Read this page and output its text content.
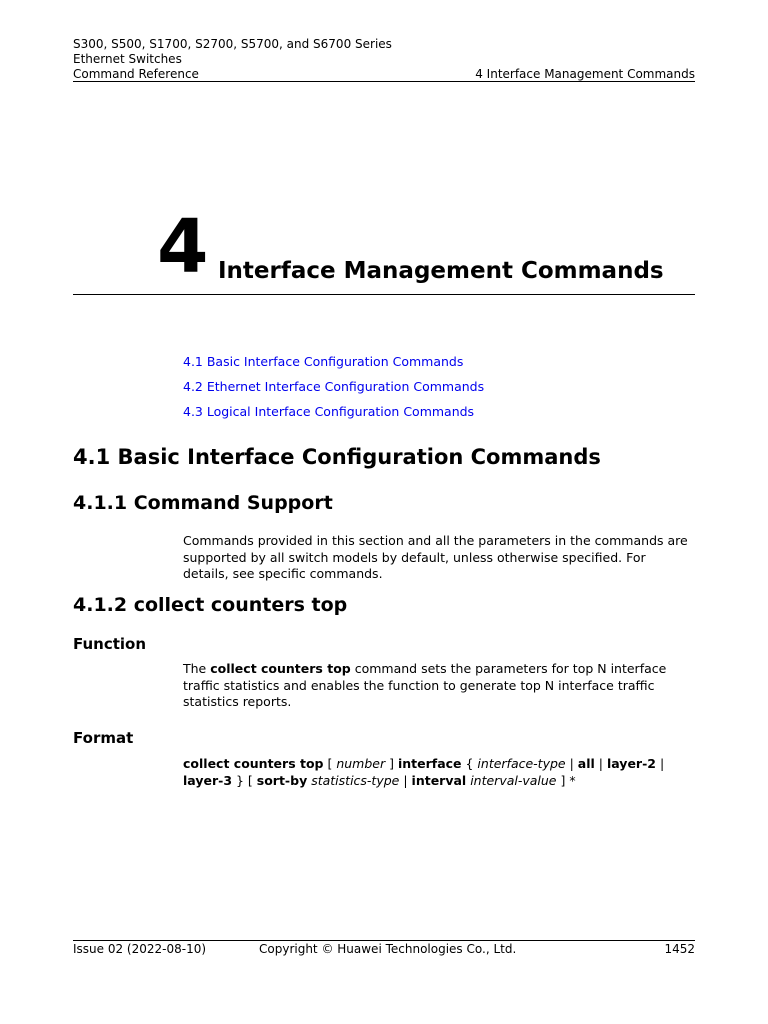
S300, S500, S1700, S2700, S5700, and S6700 Series
Ethernet Switches
Command Reference	4 Interface Management Commands
4 Interface Management Commands
4.1 Basic Interface Configuration Commands
4.2 Ethernet Interface Configuration Commands
4.3 Logical Interface Configuration Commands
4.1 Basic Interface Configuration Commands
4.1.1 Command Support
Commands provided in this section and all the parameters in the commands are supported by all switch models by default, unless otherwise specified. For details, see specific commands.
4.1.2 collect counters top
Function
The collect counters top command sets the parameters for top N interface traffic statistics and enables the function to generate top N interface traffic statistics reports.
Format
collect counters top [ number ] interface { interface-type | all | layer-2 | layer-3 } [ sort-by statistics-type | interval interval-value ] *
Issue 02 (2022-08-10)	Copyright © Huawei Technologies Co., Ltd.	1452
